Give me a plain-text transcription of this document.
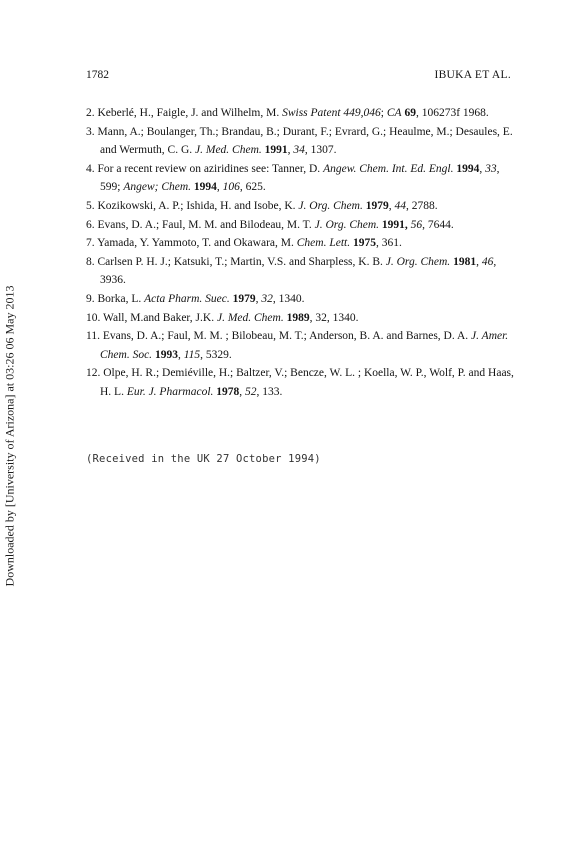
1782	IBUKA ET AL.
2. Keberlé, H., Faigle, J. and Wilhelm, M. Swiss Patent 449,046; CA 69, 106273f 1968.
3. Mann, A.; Boulanger, Th.; Brandau, B.; Durant, F.; Evrard, G.; Heaulme, M.; Desaules, E. and Wermuth, C. G. J. Med. Chem. 1991, 34, 1307.
4. For a recent review on aziridines see: Tanner, D. Angew. Chem. Int. Ed. Engl. 1994, 33, 599; Angew; Chem. 1994, 106, 625.
5. Kozikowski, A. P.; Ishida, H. and Isobe, K. J. Org. Chem. 1979, 44, 2788.
6. Evans, D. A.; Faul, M. M. and Bilodeau, M. T. J. Org. Chem. 1991, 56, 7644.
7. Yamada, Y. Yammoto, T. and Okawara, M. Chem. Lett. 1975, 361.
8. Carlsen P. H. J.; Katsuki, T.; Martin, V.S. and Sharpless, K. B. J. Org. Chem. 1981, 46, 3936.
9. Borka, L. Acta Pharm. Suec. 1979, 32, 1340.
10. Wall, M.and Baker, J.K. J. Med. Chem. 1989, 32, 1340.
11. Evans, D. A.; Faul, M. M. ; Bilobeau, M. T.; Anderson, B. A. and Barnes, D. A. J. Amer. Chem. Soc. 1993, 115, 5329.
12. Olpe, H. R.; Demiéville, H.; Baltzer, V.; Bencze, W. L. ; Koella, W. P., Wolf, P. and Haas, H. L. Eur. J. Pharmacol. 1978, 52, 133.
(Received in the UK 27 October 1994)
Downloaded by [University of Arizona] at 03:26 06 May 2013
